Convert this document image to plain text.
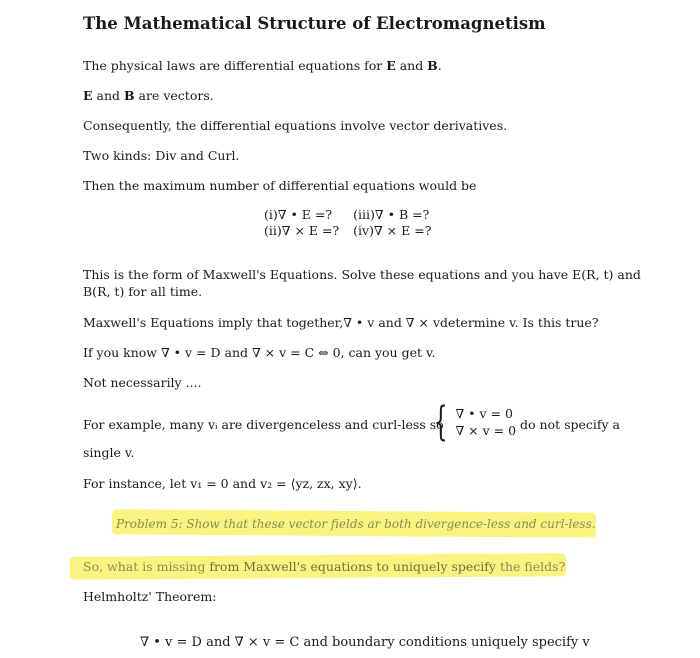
The Mathematical Structure of Electromagnetism
The physical laws are differential equations for E and B.
E and B are vectors.
Consequently, the differential equations involve vector derivatives.
Two kinds: Div and Curl.
Then the maximum number of differential equations would be
(i)∇ • E =?	(iii)∇ • B =?
(ii)∇ × E =? (iv)∇ × E =?
This is the form of Maxwell's Equations. Solve these equations and you have E(R, t) and
B(R, t) for all time.
Maxwell's Equations imply that together,∇ • v and ∇ × vdetermine v. Is this true?
If you know ∇ • v = D and ∇ × v = C ⇔ 0, can you get v.
Not necessarily ....
For example, many vᵢ are divergenceless and curl-less so
{ ∇ • v = 0
∇ × v = 0 do not specify a
single v.
For instance, let v₁ = 0 and v₂ = ⟨yz, zx, xy⟩.
Problem 5: Show that these vector fields ar both divergence-less and curl-less.
So, what is missing from Maxwell's equations to uniquely specify the fields?
Helmholtz' Theorem:
∇ • v = D and ∇ × v = C and boundary conditions uniquely specify v
